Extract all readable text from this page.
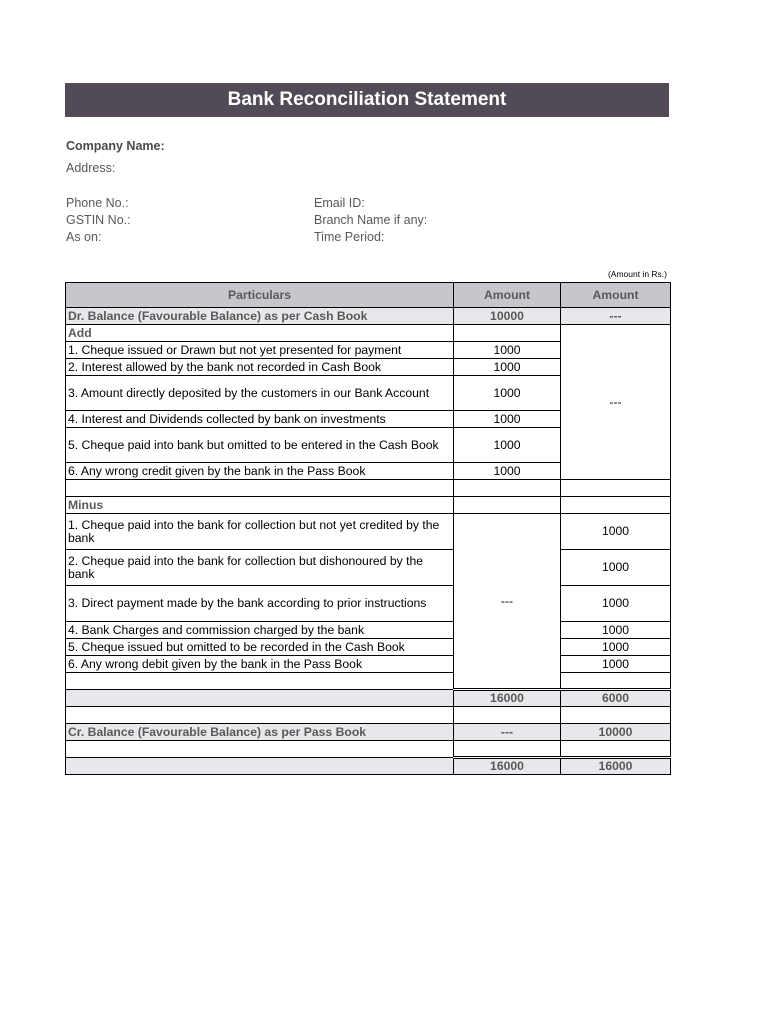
Bank Reconciliation Statement
Company Name:
Address:
Phone No.:
GSTIN No.:
As on:
Email ID:
Branch Name if any:
Time Period:
(Amount in Rs.)
Particulars	Amount	Amount
Dr. Balance (Favourable Balance) as per Cash Book	10000	---
Add		---
1. Cheque issued or Drawn but not yet presented for payment	1000	
2. Interest allowed by the bank not recorded in Cash Book	1000	
3. Amount directly deposited by the customers in our Bank Account	1000	
4. Interest and Dividends collected by bank on investments	1000	
5. Cheque paid into bank but omitted to be entered in the Cash Book	1000	
6. Any wrong credit given by the bank in the Pass Book	1000	

Minus		
1. Cheque paid into the bank for collection but not yet credited by the bank	---	1000
2. Cheque paid into the bank for collection but dishonoured by the bank		1000
3. Direct payment made by the bank according to prior instructions		1000
4. Bank Charges and commission charged by the bank		1000
5. Cheque issued but omitted to be recorded in the Cash Book		1000
6. Any wrong debit given by the bank in the Pass Book		1000

	16000	6000

Cr. Balance (Favourable Balance) as per Pass Book	---	10000

	16000	16000
